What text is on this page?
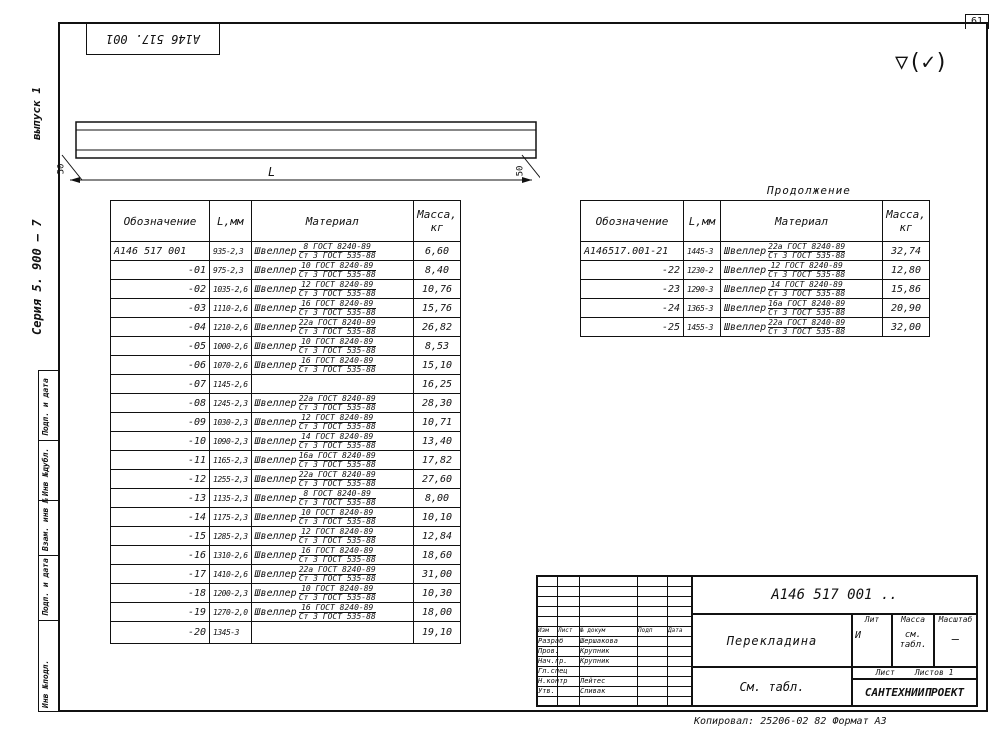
61
выпуск 1
Серия 5. 900 – 7
Инв №подл.
Подп. и дата
Взам. инв №
Инв №дубл.
Подп. и дата
А146 517. 001
▽(✓)
L
50	50
Продолжение
Обозначение	L,мм	Материал	Масса, кг
А146 517 001	935-2,3	Швеллер $\frac{\text{8 ГОСТ 8240-89}}{\text{Ст 3 ГОСТ 535-88}}$	6,60
-01	975-2,3	Швеллер $\frac{\text{10 ГОСТ 8240-89}}{\text{Ст 3 ГОСТ 535-88}}$	8,40
-02	1035-2,6	Швеллер $\frac{\text{12 ГОСТ 8240-89}}{\text{Ст 3 ГОСТ 535-88}}$	10,76
-03	1110-2,6	Швеллер $\frac{\text{16 ГОСТ 8240-89}}{\text{Ст 3 ГОСТ 535-88}}$	15,76
-04	1210-2,6	Швеллер $\frac{\text{22а ГОСТ 8240-89}}{\text{Ст 3 ГОСТ 535-88}}$	26,82
-05	1000-2,6	Швеллер $\frac{\text{10 ГОСТ 8240-89}}{\text{Ст 3 ГОСТ 535-88}}$	8,53
-06	1070-2,6	Швеллер $\frac{\text{16 ГОСТ 8240-89}}{\text{Ст 3 ГОСТ 535-88}}$	15,10
-07	1145-2,6		16,25
-08	1245-2,3	Швеллер $\frac{\text{22а ГОСТ 8240-89}}{\text{Ст 3 ГОСТ 535-88}}$	28,30
-09	1030-2,3	Швеллер $\frac{\text{12 ГОСТ 8240-89}}{\text{Ст 3 ГОСТ 535-88}}$	10,71
-10	1090-2,3	Швеллер $\frac{\text{14 ГОСТ 8240-89}}{\text{Ст 3 ГОСТ 535-88}}$	13,40
-11	1165-2,3	Швеллер $\frac{\text{16а ГОСТ 8240-89}}{\text{Ст 3 ГОСТ 535-88}}$	17,82
-12	1255-2,3	Швеллер $\frac{\text{22а ГОСТ 8240-89}}{\text{Ст 3 ГОСТ 535-88}}$	27,60
-13	1135-2,3	Швеллер $\frac{\text{8 ГОСТ 8240-89}}{\text{Ст 3 ГОСТ 535-88}}$	8,00
-14	1175-2,3	Швеллер $\frac{\text{10 ГОСТ 8240-89}}{\text{Ст 3 ГОСТ 535-88}}$	10,10
-15	1285-2,3	Швеллер $\frac{\text{12 ГОСТ 8240-89}}{\text{Ст 3 ГОСТ 535-88}}$	12,84
-16	1310-2,6	Швеллер $\frac{\text{16 ГОСТ 8240-89}}{\text{Ст 3 ГОСТ 535-88}}$	18,60
-17	1410-2,6	Швеллер $\frac{\text{22а ГОСТ 8240-89}}{\text{Ст 3 ГОСТ 535-88}}$	31,00
-18	1200-2,3	Швеллер $\frac{\text{10 ГОСТ 8240-89}}{\text{Ст 3 ГОСТ 535-88}}$	10,30
-19	1270-2,0	Швеллер $\frac{\text{16 ГОСТ 8240-89}}{\text{Ст 3 ГОСТ 535-88}}$	18,00
-20	1345-3		19,10
Обозначение	L,мм	Материал	Масса, кг
А146517.001-21	1445-3	Швеллер $\frac{\text{22а ГОСТ 8240-89}}{\text{Ст 3 ГОСТ 535-88}}$	32,74
-22	1230-2	Швеллер $\frac{\text{12 ГОСТ 8240-89}}{\text{Ст 3 ГОСТ 535-88}}$	12,80
-23	1290-3	Швеллер $\frac{\text{14 ГОСТ 8240-89}}{\text{Ст 3 ГОСТ 535-88}}$	15,86
-24	1365-3	Швеллер $\frac{\text{16а ГОСТ 8240-89}}{\text{Ст 3 ГОСТ 535-88}}$	20,90
-25	1455-3	Швеллер $\frac{\text{22а ГОСТ 8240-89}}{\text{Ст 3 ГОСТ 535-88}}$	32,00
Изм Лист № докум	Подп	Дата
Разраб Шершакова
Пров.	Крупник
Нач.гр. Крупник
Гл.спец
Н.контр Лейтес
Утв.	Спивак
А146 517 001 ..
Перекладина
Лит
И
Масса
см. табл.
Масштаб
—
См. табл.
Лист	Листов 1
САНТЕХНИИПРОЕКТ
Копировал: 25206-02 82 Формат А3
